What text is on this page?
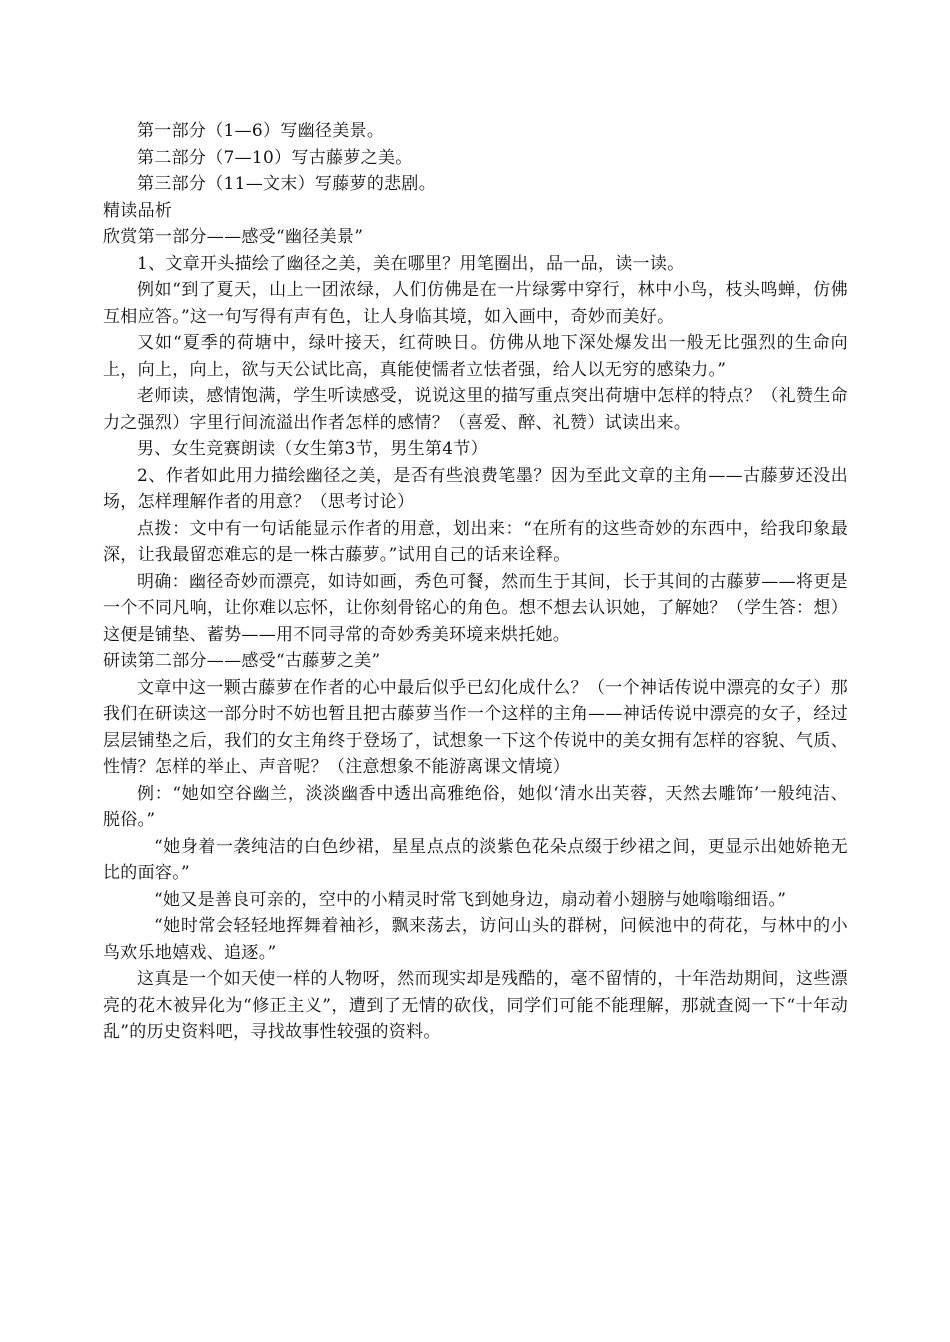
第一部分（1—6）写幽径美景。

第二部分（7—10）写古藤萝之美。

第三部分（11—文末）写藤萝的悲剧。

精读品析

欣赏第一部分——感受“幽径美景”

1、文章开头描绘了幽径之美，美在哪里？用笔圈出，品一品，读一读。

例如“到了夏天，山上一团浓绿，人们仿佛是在一片绿雾中穿行，林中小鸟，枝头鸣蝉，仿佛互相应答。”这一句写得有声有色，让人身临其境，如入画中，奇妙而美好。

又如“夏季的荷塘中，绿叶接天，红荷映日。仿佛从地下深处爆发出一般无比强烈的生命向上，向上，向上，欲与天公试比高，真能使懦者立怯者强，给人以无穷的感染力。”

老师读，感情饱满，学生听读感受，说说这里的描写重点突出荷塘中怎样的特点？（礼赞生命力之强烈）字里行间流溢出作者怎样的感情？（喜爱、醉、礼赞）试读出来。

男、女生竞赛朗读（女生第3节，男生第4节）

2、作者如此用力描绘幽径之美，是否有些浪费笔墨？因为至此文章的主角——古藤萝还没出场，怎样理解作者的用意？（思考讨论）

点拨：文中有一句话能显示作者的用意，划出来：“在所有的这些奇妙的东西中，给我印象最深，让我最留恋难忘的是一株古藤萝。”试用自己的话来诠释。

明确：幽径奇妙而漂亮，如诗如画，秀色可餐，然而生于其间，长于其间的古藤萝——将更是一个不同凡响，让你难以忘怀，让你刻骨铭心的角色。想不想去认识她，了解她？（学生答：想）这便是铺垫、蓄势——用不同寻常的奇妙秀美环境来烘托她。

研读第二部分——感受“古藤萝之美”

文章中这一颗古藤萝在作者的心中最后似乎已幻化成什么？（一个神话传说中漂亮的女子）那我们在研读这一部分时不妨也暂且把古藤萝当作一个这样的主角——神话传说中漂亮的女子，经过层层铺垫之后，我们的女主角终于登场了，试想象一下这个传说中的美女拥有怎样的容貌、气质、性情？怎样的举止、声音呢？（注意想象不能游离课文情境）

例：“她如空谷幽兰，淡淡幽香中透出高雅绝俗，她似‘清水出芙蓉，天然去雕饰’一般纯洁、脱俗。”

“她身着一袭纯洁的白色纱裙，星星点点的淡紫色花朵点缀于纱裙之间，更显示出她娇艳无比的面容。”

“她又是善良可亲的，空中的小精灵时常飞到她身边，扇动着小翅膀与她嗡嗡细语。”

“她时常会轻轻地挥舞着袖衫，飘来荡去，访问山头的群树，问候池中的荷花，与林中的小鸟欢乐地嬉戏、追逐。”

这真是一个如天使一样的人物呀，然而现实却是残酷的，毫不留情的，十年浩劫期间，这些漂亮的花木被异化为“修正主义”，遭到了无情的砍伐，同学们可能不能理解，那就查阅一下“十年动乱”的历史资料吧，寻找故事性较强的资料。
